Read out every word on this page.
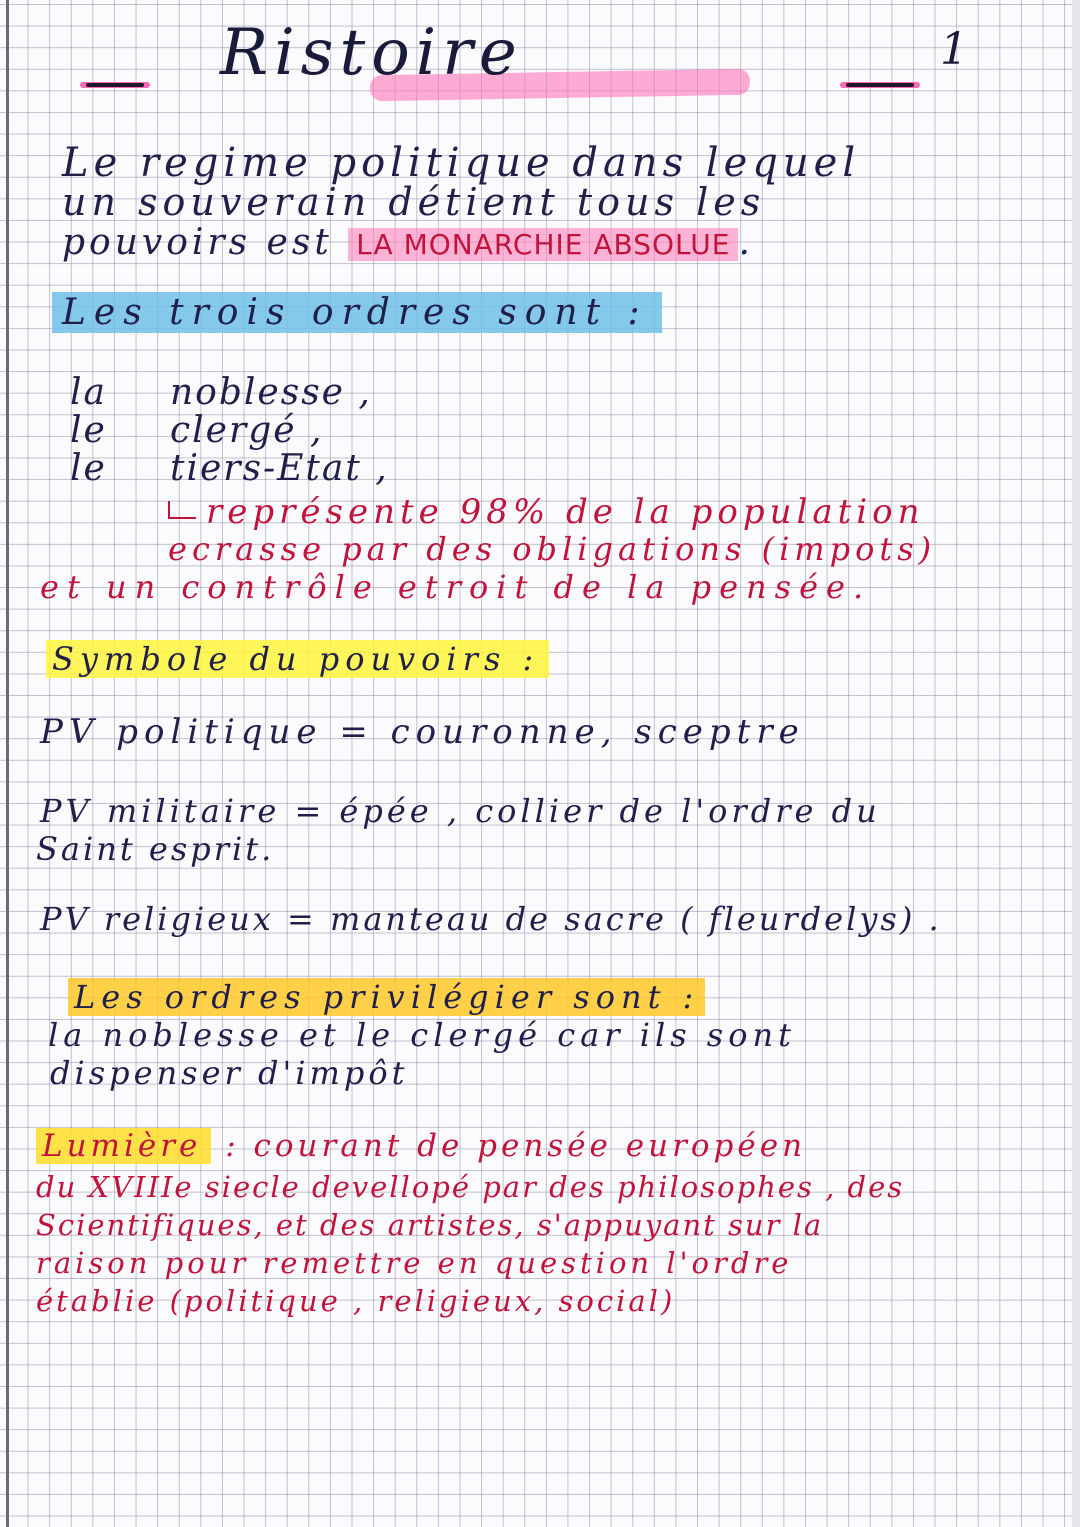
Ristoire	1
Le regime politique dans lequel
un souverain détient tous les
pouvoirs est LA MONARCHIE ABSOLUE .
Les trois ordres sont :
la noblesse ,
le clergé ,
le tiers-Etat ,
représente 98% de la population
ecrasse par des obligations (impots)
et un contrôle etroit de la pensée.
Symbole du pouvoirs :
PV politique = couronne, sceptre
PV militaire = épée , collier de l'ordre du
Saint esprit.
PV religieux = manteau de sacre ( fleurdelys) .
Les ordres privilégier sont :
la noblesse et le clergé car ils sont
dispenser d'impôt
Lumière : courant de pensée européen
du XVIIIe siecle devellopé par des philosophes , des
Scientifiques, et des artistes, s'appuyant sur la
raison pour remettre en question l'ordre
établie (politique , religieux, social)
